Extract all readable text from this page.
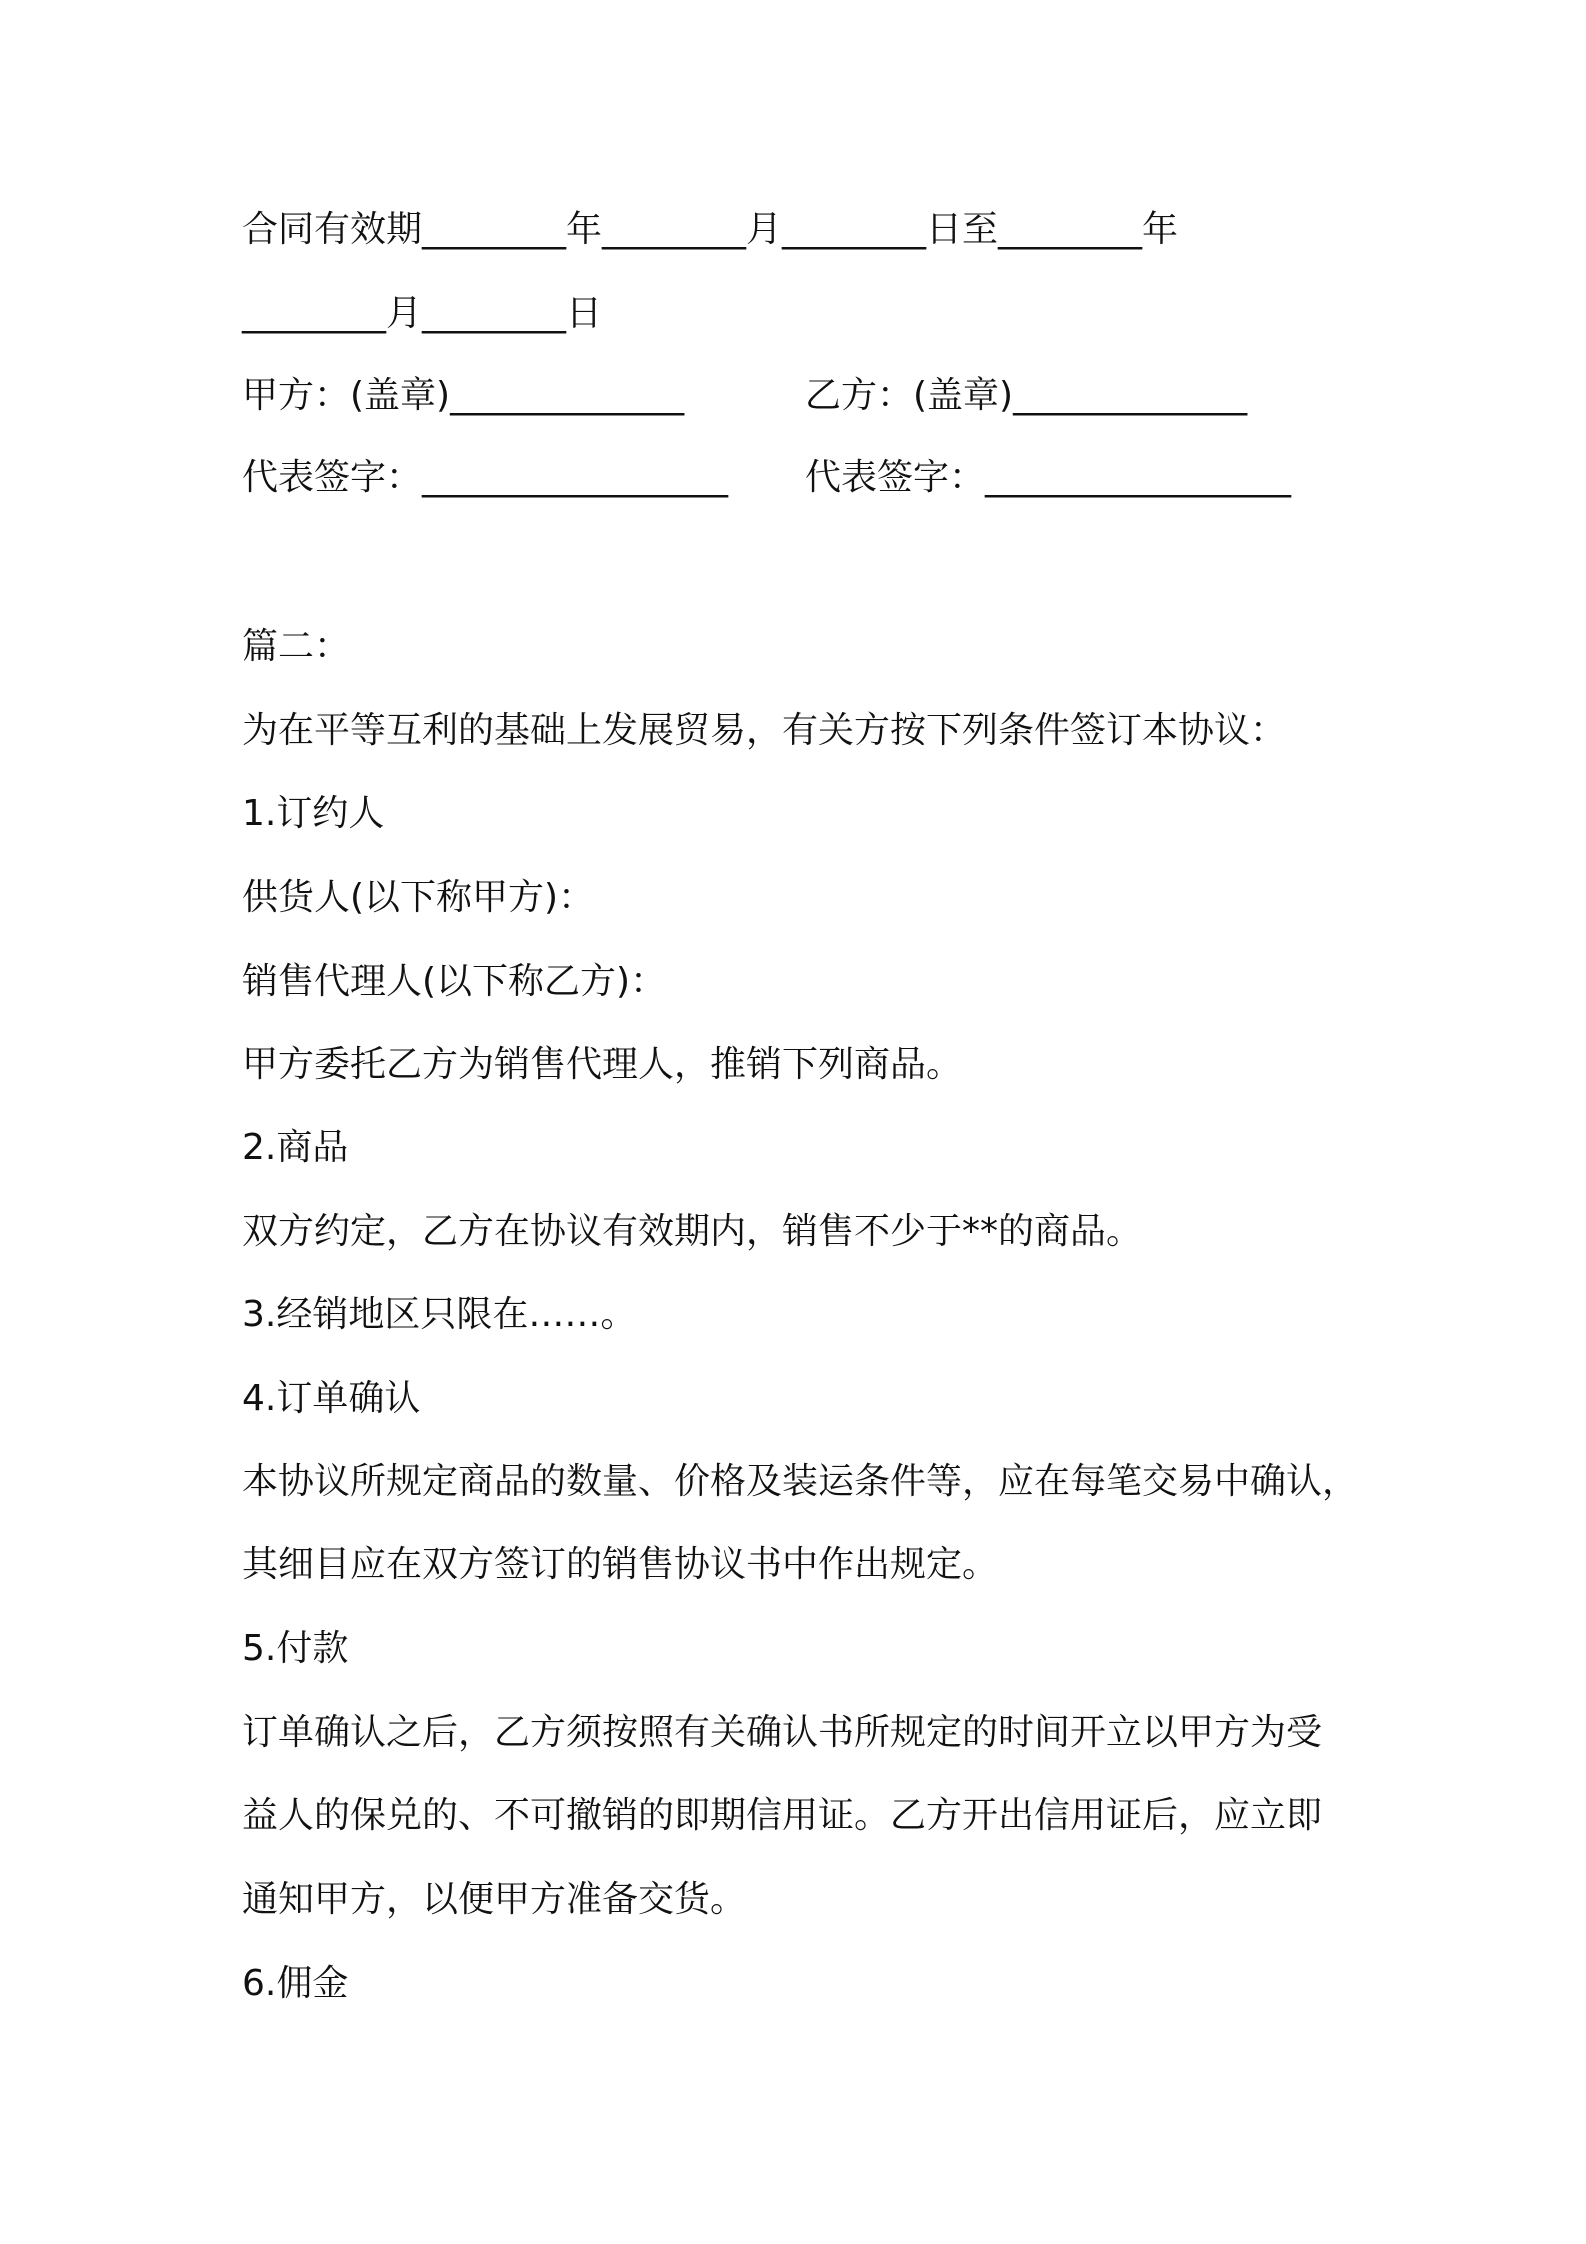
合同有效期________年________月________日至________年
________月________日
甲方：(盖章)_____________	乙方：(盖章)_____________
代表签字：_________________ 代表签字：_________________
篇二：
为在平等互利的基础上发展贸易，有关方按下列条件签订本协议：
1.订约人
供货人(以下称甲方)：
销售代理人(以下称乙方)：
甲方委托乙方为销售代理人，推销下列商品。
2.商品
双方约定，乙方在协议有效期内，销售不少于**的商品。
3.经销地区只限在……。
4.订单确认
本协议所规定商品的数量、价格及装运条件等，应在每笔交易中确认，
其细目应在双方签订的销售协议书中作出规定。
5.付款
订单确认之后，乙方须按照有关确认书所规定的时间开立以甲方为受
益人的保兑的、不可撤销的即期信用证。乙方开出信用证后，应立即
通知甲方，以便甲方准备交货。
6.佣金
